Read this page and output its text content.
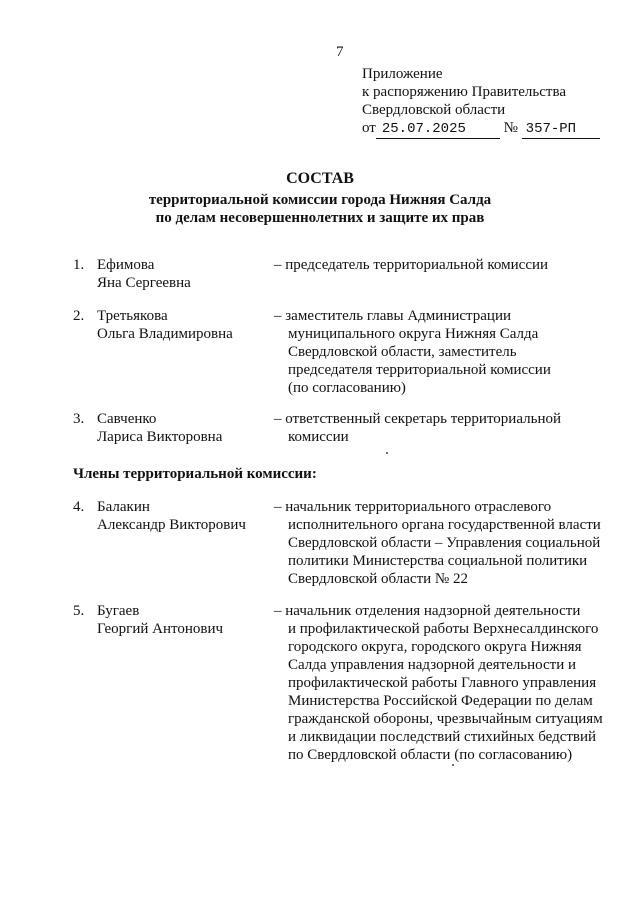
7
Приложение
к распоряжению Правительства
Свердловской области
от 25.07.2025	№ 357-РП
СОСТАВ
территориальной комиссии города Нижняя Салда
по делам несовершеннолетних и защите их прав
1. Ефимова
Яна Сергеевна
– председатель территориальной комиссии
2. Третьякова
Ольга Владимировна
– заместитель главы Администрации
муниципального округа Нижняя Салда
Свердловской области, заместитель
председателя территориальной комиссии
(по согласованию)
3. Савченко
Лариса Викторовна
– ответственный секретарь территориальной
комиссии
Члены территориальной комиссии:
4. Балакин
Александр Викторович
– начальник территориального отраслевого
исполнительного органа государственной власти
Свердловской области – Управления социальной
политики Министерства социальной политики
Свердловской области № 22
5. Бугаев
Георгий Антонович
– начальник отделения надзорной деятельности
и профилактической работы Верхнесалдинского
городского округа, городского округа Нижняя
Салда управления надзорной деятельности и
профилактической работы Главного управления
Министерства Российской Федерации по делам
гражданской обороны, чрезвычайным ситуациям
и ликвидации последствий стихийных бедствий
по Свердловской области (по согласованию)
